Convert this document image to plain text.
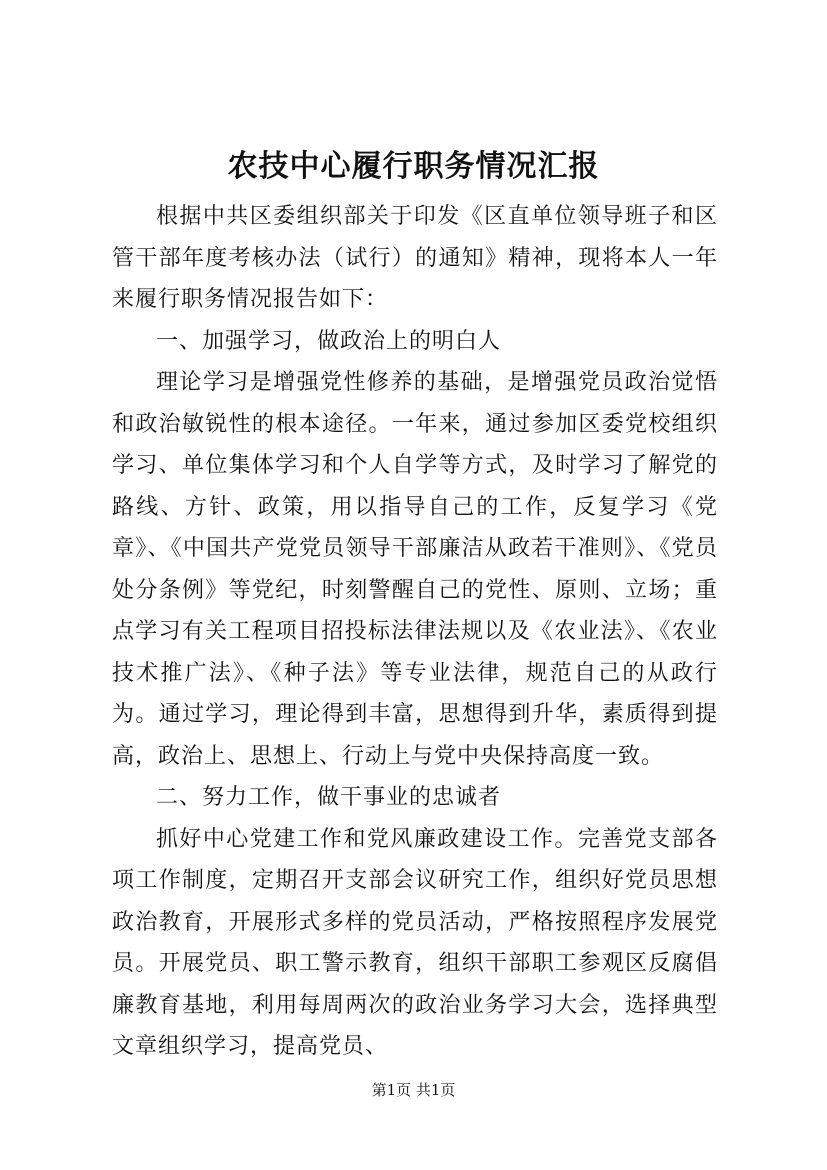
农技中心履行职务情况汇报

根据中共区委组织部关于印发《区直单位领导班子和区管干部年度考核办法（试行）的通知》精神，现将本人一年来履行职务情况报告如下：

一、加强学习，做政治上的明白人

理论学习是增强党性修养的基础，是增强党员政治觉悟和政治敏锐性的根本途径。一年来，通过参加区委党校组织学习、单位集体学习和个人自学等方式，及时学习了解党的路线、方针、政策，用以指导自己的工作，反复学习《党章》、《中国共产党党员领导干部廉洁从政若干准则》、《党员处分条例》等党纪，时刻警醒自己的党性、原则、立场；重点学习有关工程项目招投标法律法规以及《农业法》、《农业技术推广法》、《种子法》等专业法律，规范自己的从政行为。通过学习，理论得到丰富，思想得到升华，素质得到提高，政治上、思想上、行动上与党中央保持高度一致。

二、努力工作，做干事业的忠诚者

抓好中心党建工作和党风廉政建设工作。完善党支部各项工作制度，定期召开支部会议研究工作，组织好党员思想政治教育，开展形式多样的党员活动，严格按照程序发展党员。开展党员、职工警示教育，组织干部职工参观区反腐倡廉教育基地，利用每周两次的政治业务学习大会，选择典型文章组织学习，提高党员、

第1页 共1页
